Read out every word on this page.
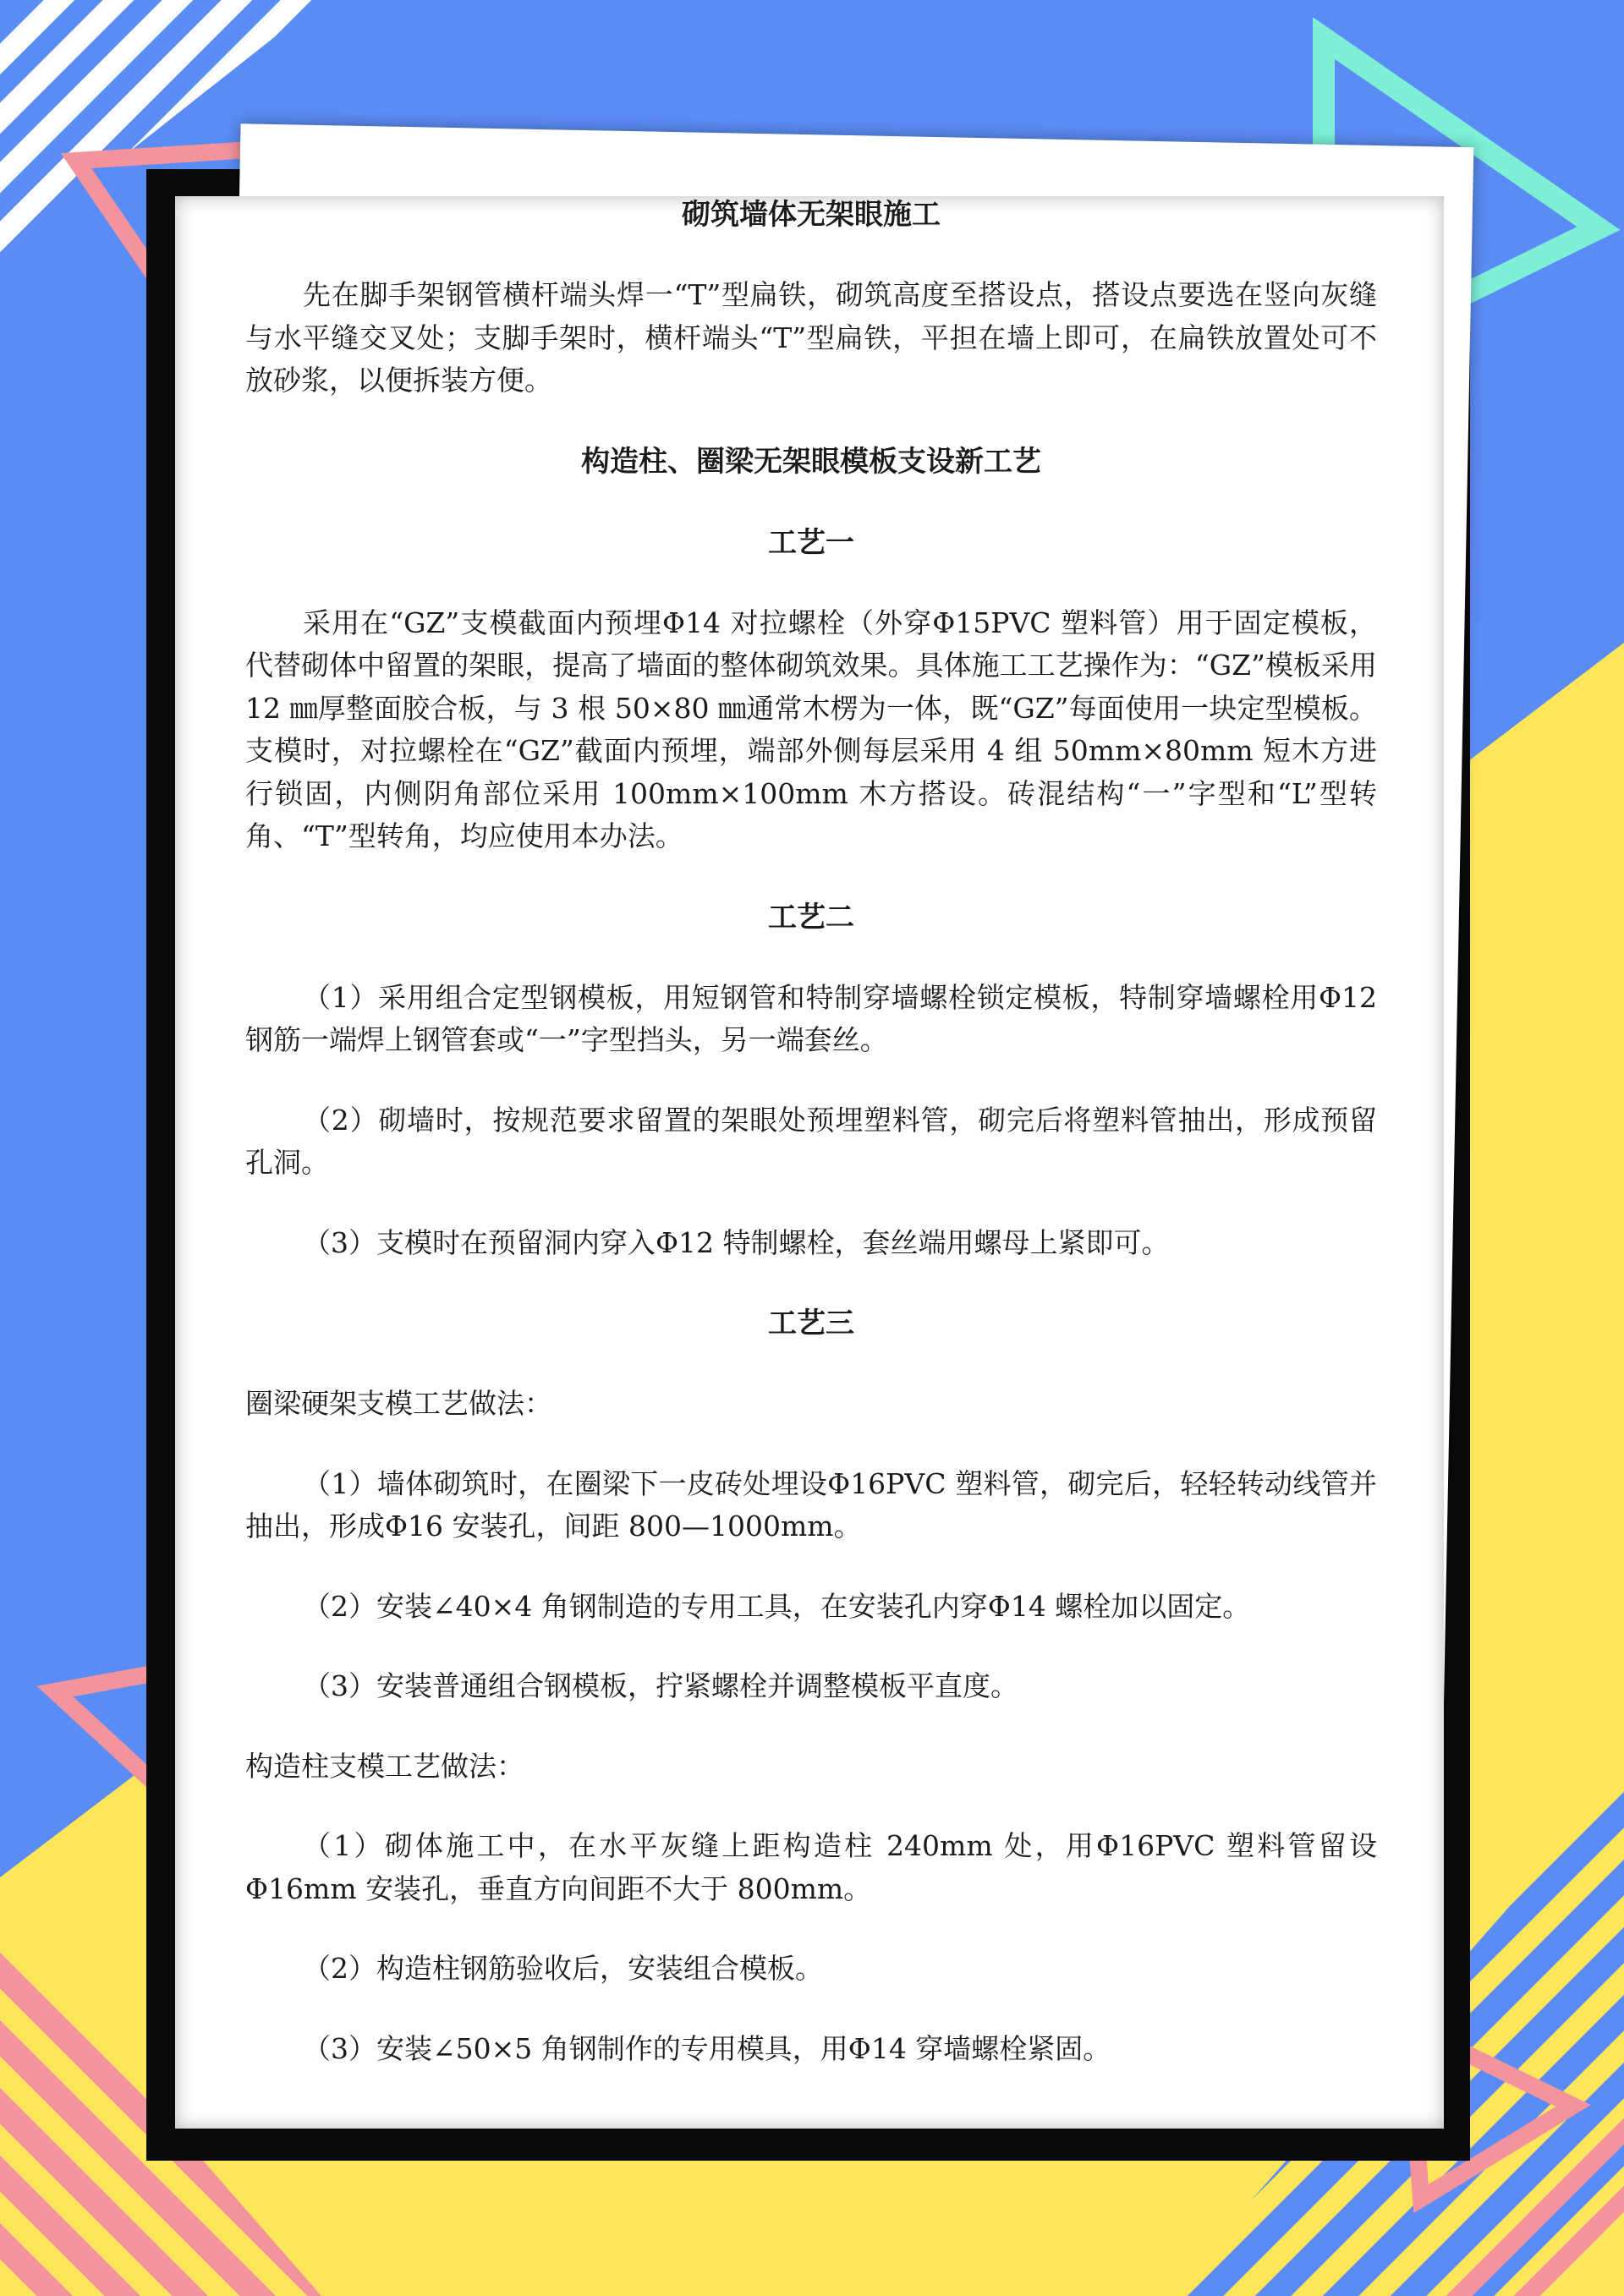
砌筑墙体无架眼施工

先在脚手架钢管横杆端头焊一“T”型扁铁，砌筑高度至搭设点，搭设点要选在竖向灰缝与水平缝交叉处；支脚手架时，横杆端头“T”型扁铁，平担在墙上即可，在扁铁放置处可不放砂浆，以便拆装方便。

构造柱、圈梁无架眼模板支设新工艺
工艺一

采用在“GZ”支模截面内预埋Φ14 对拉螺栓（外穿Φ15PVC 塑料管）用于固定模板，代替砌体中留置的架眼，提高了墙面的整体砌筑效果。具体施工工艺操作为：“GZ”模板采用 12 ㎜厚整面胶合板，与 3 根 50×80 ㎜通常木楞为一体，既“GZ”每面使用一块定型模板。支模时，对拉螺栓在“GZ”截面内预埋，端部外侧每层采用 4 组 50mm×80mm 短木方进行锁固，内侧阴角部位采用 100mm×100mm 木方搭设。砖混结构“一”字型和“L”型转角、“T”型转角，均应使用本办法。

工艺二

（1）采用组合定型钢模板，用短钢管和特制穿墙螺栓锁定模板，特制穿墙螺栓用Φ12 钢筋一端焊上钢管套或“一”字型挡头，另一端套丝。

（2）砌墙时，按规范要求留置的架眼处预埋塑料管，砌完后将塑料管抽出，形成预留孔洞。

（3）支模时在预留洞内穿入Φ12 特制螺栓，套丝端用螺母上紧即可。

工艺三

圈梁硬架支模工艺做法：

（1）墙体砌筑时，在圈梁下一皮砖处埋设Φ16PVC 塑料管，砌完后，轻轻转动线管并抽出，形成Φ16 安装孔，间距 800—1000mm。

（2）安装∠40×4 角钢制造的专用工具，在安装孔内穿Φ14 螺栓加以固定。

（3）安装普通组合钢模板，拧紧螺栓并调整模板平直度。

构造柱支模工艺做法：

（1）砌体施工中，在水平灰缝上距构造柱 240mm 处，用Φ16PVC 塑料管留设Φ16mm 安装孔，垂直方向间距不大于 800mm。

（2）构造柱钢筋验收后，安装组合模板。

（3）安装∠50×5 角钢制作的专用模具，用Φ14 穿墙螺栓紧固。
